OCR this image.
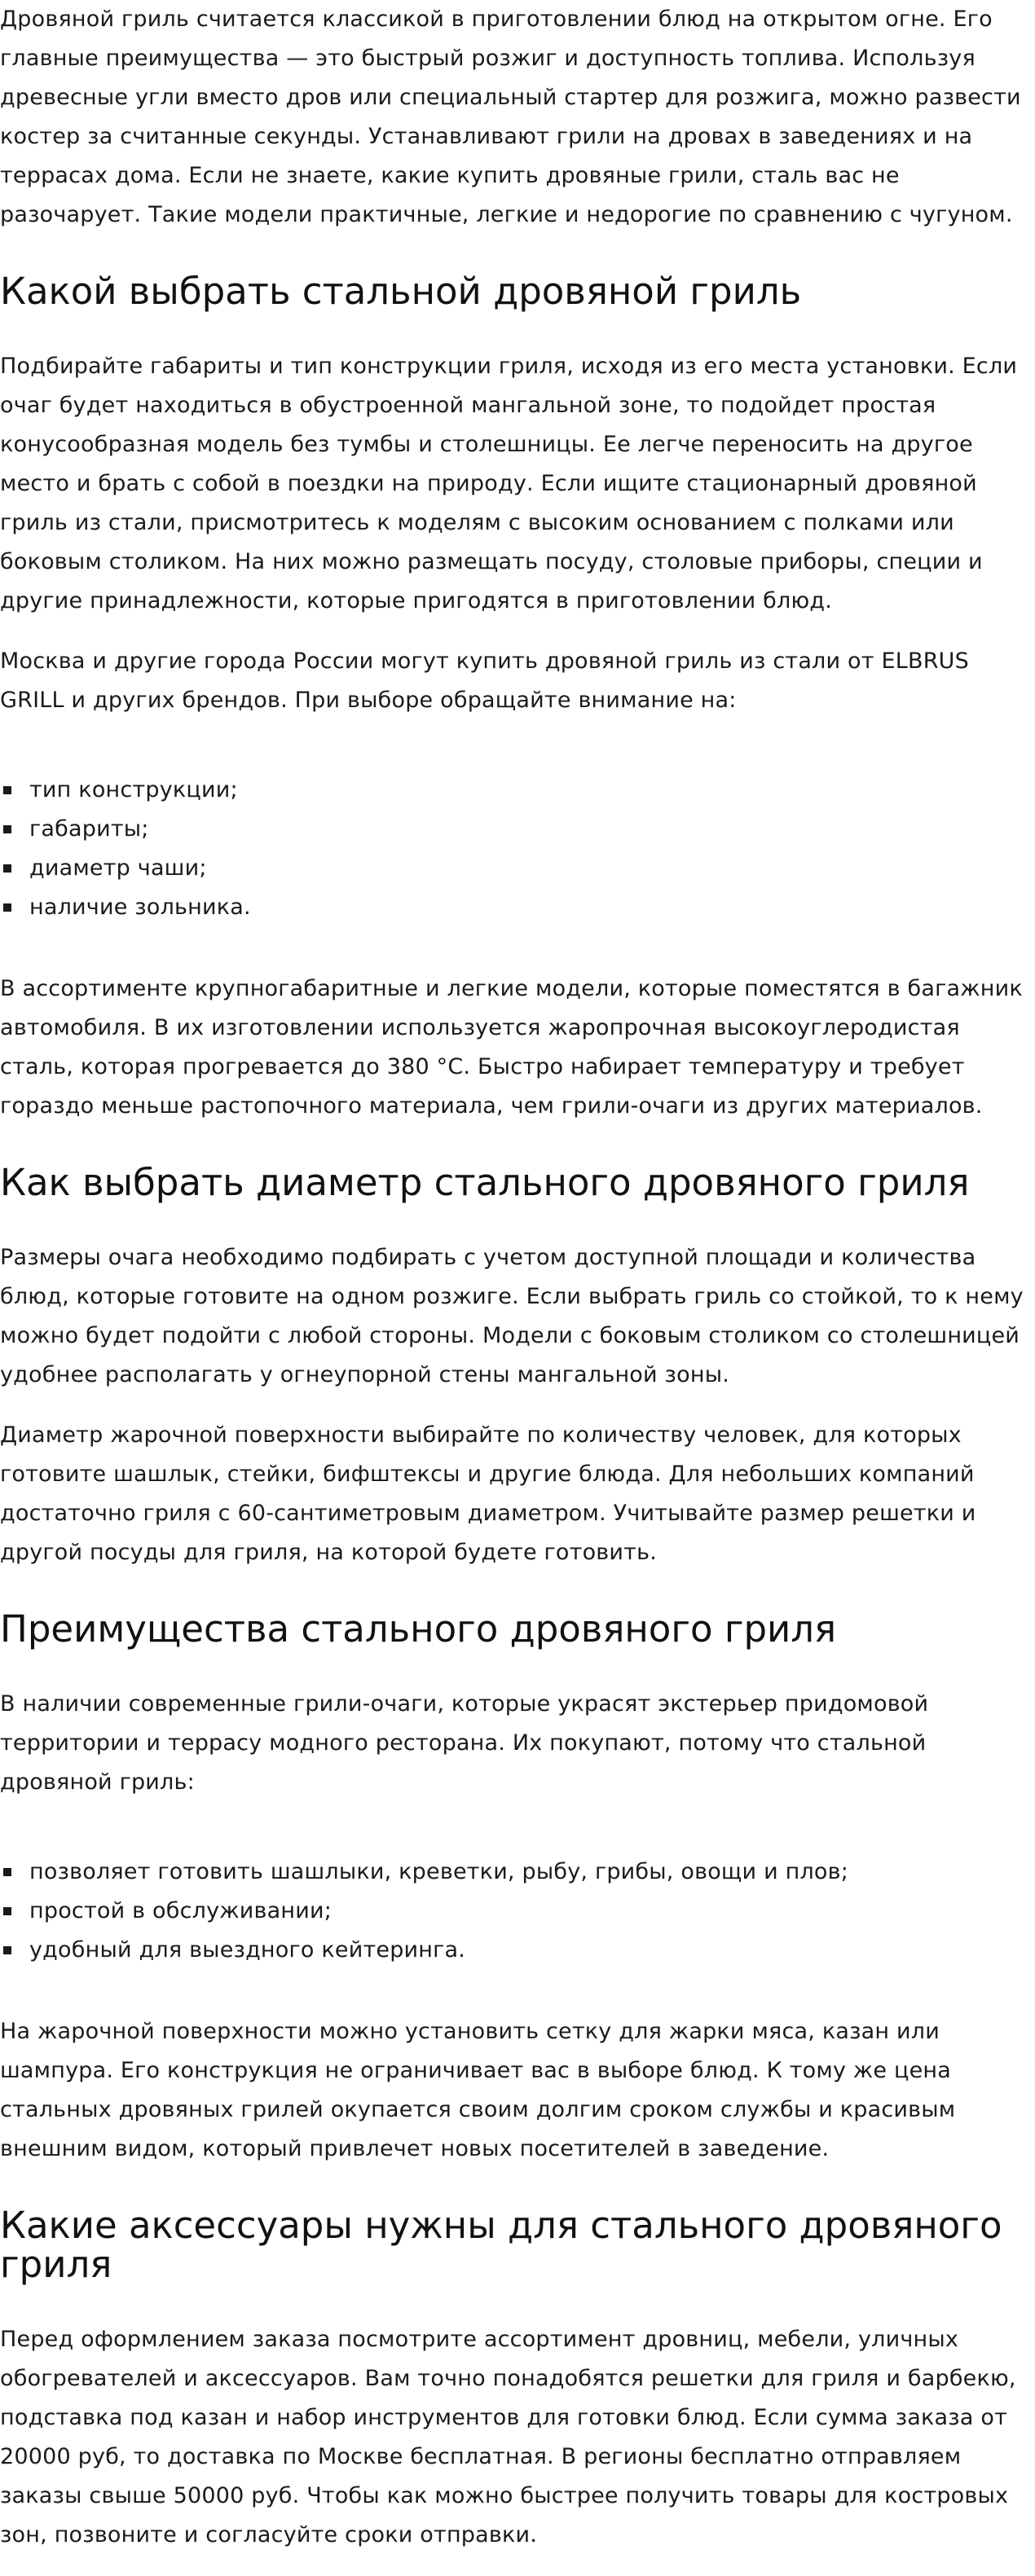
Дровяной гриль считается классикой в приготовлении блюд на открытом огне. Его главные преимущества — это быстрый розжиг и доступность топлива. Используя древесные угли вместо дров или специальный стартер для розжига, можно развести костер за считанные секунды. Устанавливают грили на дровах в заведениях и на террасах дома. Если не знаете, какие купить дровяные грили, сталь вас не разочарует. Такие модели практичные, легкие и недорогие по сравнению с чугуном.

Какой выбрать стальной дровяной гриль

Подбирайте габариты и тип конструкции гриля, исходя из его места установки. Если очаг будет находиться в обустроенной мангальной зоне, то подойдет простая конусообразная модель без тумбы и столешницы. Ее легче переносить на другое место и брать с собой в поездки на природу. Если ищите стационарный дровяной гриль из стали, присмотритесь к моделям с высоким основанием с полками или боковым столиком. На них можно размещать посуду, столовые приборы, специи и другие принадлежности, которые пригодятся в приготовлении блюд.

Москва и другие города России могут купить дровяной гриль из стали от ELBRUS GRILL и других брендов. При выборе обращайте внимание на:

тип конструкции;
габариты;
диаметр чаши;
наличие зольника.

В ассортименте крупногабаритные и легкие модели, которые поместятся в багажник автомобиля. В их изготовлении используется жаропрочная высокоуглеродистая сталь, которая прогревается до 380 °С. Быстро набирает температуру и требует гораздо меньше растопочного материала, чем грили-очаги из других материалов.

Как выбрать диаметр стального дровяного гриля

Размеры очага необходимо подбирать с учетом доступной площади и количества блюд, которые готовите на одном розжиге. Если выбрать гриль со стойкой, то к нему можно будет подойти с любой стороны. Модели с боковым столиком со столешницей удобнее располагать у огнеупорной стены мангальной зоны.

Диаметр жарочной поверхности выбирайте по количеству человек, для которых готовите шашлык, стейки, бифштексы и другие блюда. Для небольших компаний достаточно гриля с 60-сантиметровым диаметром. Учитывайте размер решетки и другой посуды для гриля, на которой будете готовить.

Преимущества стального дровяного гриля

В наличии современные грили-очаги, которые украсят экстерьер придомовой территории и террасу модного ресторана. Их покупают, потому что стальной дровяной гриль:

позволяет готовить шашлыки, креветки, рыбу, грибы, овощи и плов;
простой в обслуживании;
удобный для выездного кейтеринга.

На жарочной поверхности можно установить сетку для жарки мяса, казан или шампура. Его конструкция не ограничивает вас в выборе блюд. К тому же цена стальных дровяных грилей окупается своим долгим сроком службы и красивым внешним видом, который привлечет новых посетителей в заведение.

Какие аксессуары нужны для стального дровяного гриля

Перед оформлением заказа посмотрите ассортимент дровниц, мебели, уличных обогревателей и аксессуаров. Вам точно понадобятся решетки для гриля и барбекю, подставка под казан и набор инструментов для готовки блюд. Если сумма заказа от 20000 руб, то доставка по Москве бесплатная. В регионы бесплатно отправляем заказы свыше 50000 руб. Чтобы как можно быстрее получить товары для костровых зон, позвоните и согласуйте сроки отправки.
